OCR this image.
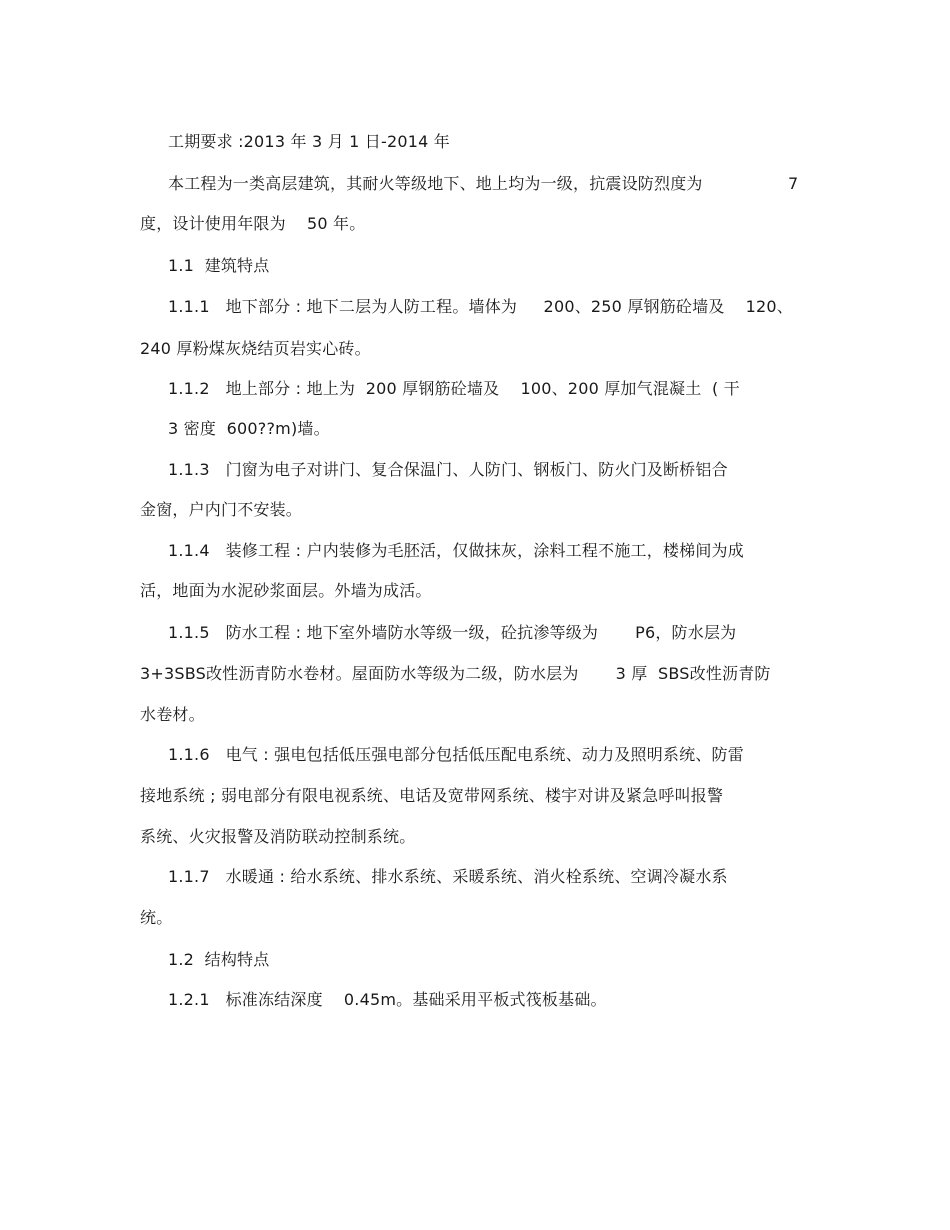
工期要求 :2013 年 3 月 1 日-2014 年
本工程为一类高层建筑，其耐火等级地下、地上均为一级，抗震设防烈度为	7
度，设计使用年限为    50 年。
1.1  建筑特点
1.1.1   地下部分 : 地下二层为人防工程。墙体为     200、250 厚钢筋砼墙及    120、
240 厚粉煤灰烧结页岩实心砖。
1.1.2   地上部分 : 地上为  200 厚钢筋砼墙及    100、200 厚加气混凝土  ( 干
3 密度  600??m)墙。
1.1.3   门窗为电子对讲门、复合保温门、人防门、钢板门、防火门及断桥铝合
金窗，户内门不安装。
1.1.4   装修工程 : 户内装修为毛胚活，仅做抹灰，涂料工程不施工，楼梯间为成
活，地面为水泥砂浆面层。外墙为成活。
1.1.5   防水工程 : 地下室外墙防水等级一级，砼抗渗等级为       P6，防水层为
3+3SBS改性沥青防水卷材。屋面防水等级为二级，防水层为       3 厚  SBS改性沥青防
水卷材。
1.1.6   电气 : 强电包括低压强电部分包括低压配电系统、动力及照明系统、防雷
接地系统 ; 弱电部分有限电视系统、电话及宽带网系统、楼宇对讲及紧急呼叫报警
系统、火灾报警及消防联动控制系统。
1.1.7   水暖通 : 给水系统、排水系统、采暖系统、消火栓系统、空调冷凝水系
统。
1.2  结构特点
1.2.1   标准冻结深度    0.45m。基础采用平板式筏板基础。
